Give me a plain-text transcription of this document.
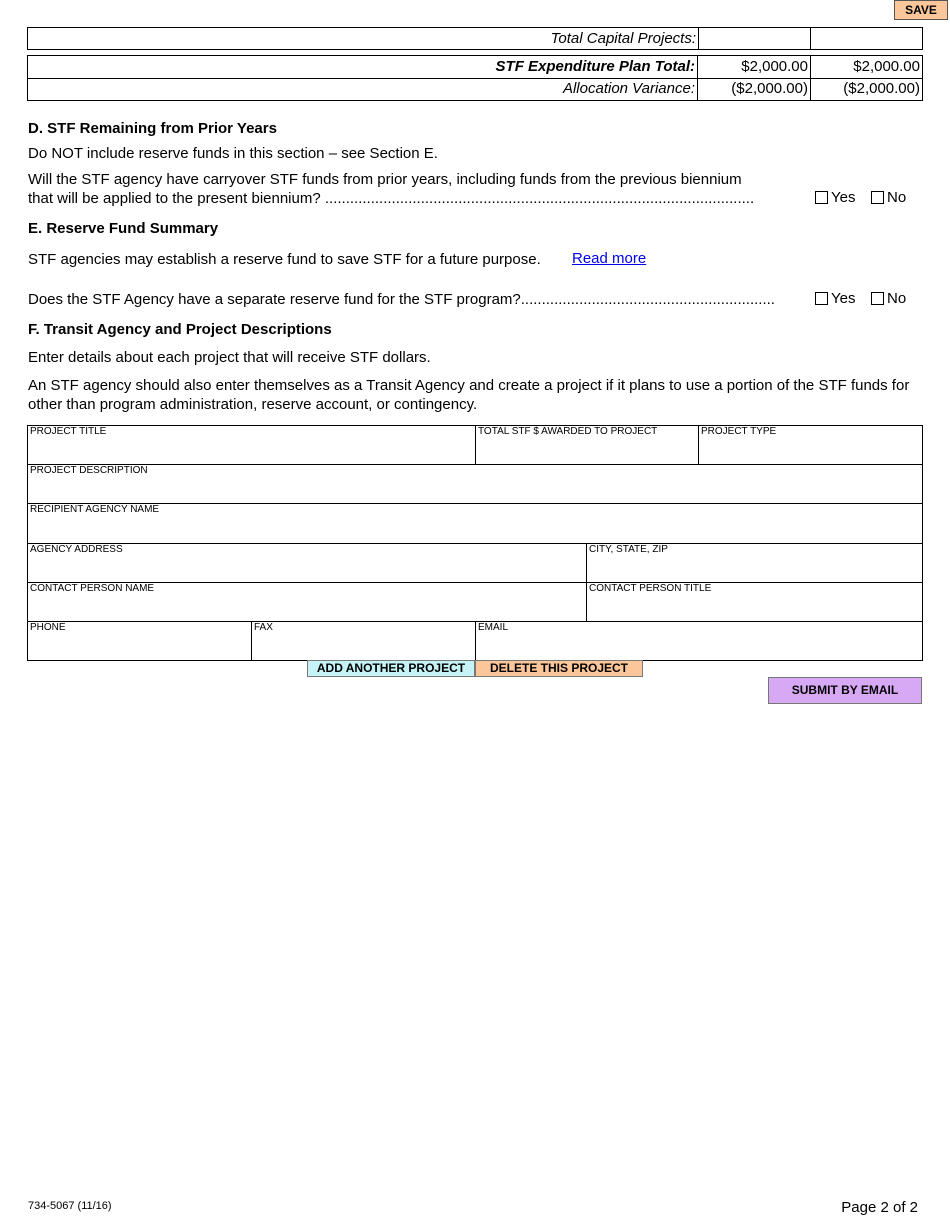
SAVE
Total Capital Projects:
STF Expenditure Plan Total:	$2,000.00	$2,000.00
Allocation Variance:	($2,000.00)	($2,000.00)
D. STF Remaining from Prior Years
Do NOT include reserve funds in this section – see Section E.
Will the STF agency have carryover STF funds from prior years, including funds from the previous biennium
that will be applied to the present biennium? .......................................................................................................	Yes	No
E. Reserve Fund Summary
STF agencies may establish a reserve fund to save STF for a future purpose. Read more
Does the STF Agency have a separate reserve fund for the STF program?.............................................................	Yes	No
F. Transit Agency and Project Descriptions
Enter details about each project that will receive STF dollars.
An STF agency should also enter themselves as a Transit Agency and create a project if it plans to use a portion of the STF funds for other than program administration, reserve account, or contingency.
PROJECT TITLE	TOTAL STF $ AWARDED TO PROJECT	PROJECT TYPE
PROJECT DESCRIPTION
RECIPIENT AGENCY NAME
AGENCY ADDRESS	CITY, STATE, ZIP
CONTACT PERSON NAME	CONTACT PERSON TITLE
PHONE	FAX	EMAIL
ADD ANOTHER PROJECT	DELETE THIS PROJECT
SUBMIT BY EMAIL
734-5067 (11/16)	Page 2 of 2
